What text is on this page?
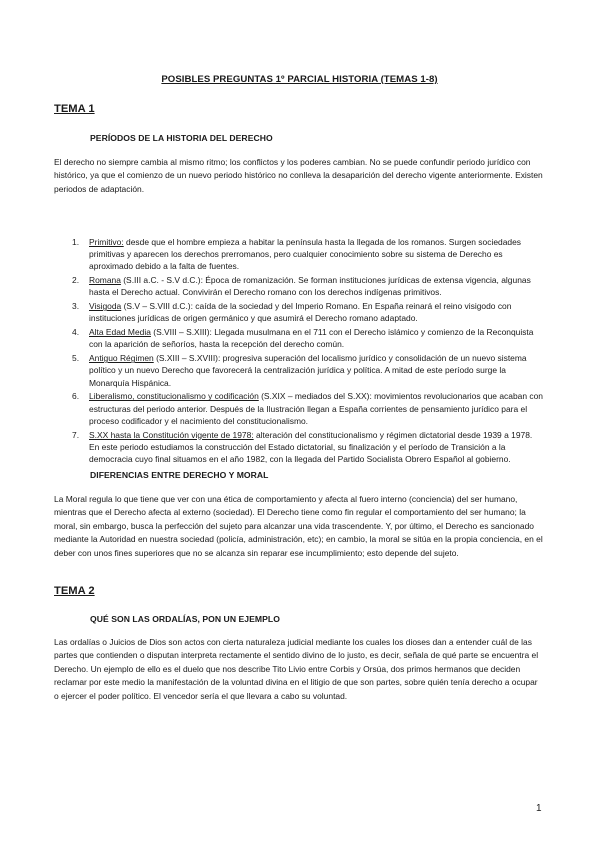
POSIBLES PREGUNTAS 1º PARCIAL HISTORIA (TEMAS 1-8)
TEMA 1
PERÍODOS DE LA HISTORIA DEL DERECHO

El derecho no siempre cambia al mismo ritmo; los conflictos y los poderes cambian. No se puede confundir periodo jurídico con histórico, ya que el comienzo de un nuevo periodo histórico no conlleva la desaparición del derecho vigente anteriormente. Existen periodos de adaptación.

1. Primitivo: desde que el hombre empieza a habitar la península hasta la llegada de los romanos. Surgen sociedades primitivas y aparecen los derechos prerromanos, pero cualquier conocimiento sobre su sistema de Derecho es aproximado debido a la falta de fuentes.
2. Romana (S.III a.C. - S.V d.C.): Época de romanización. Se forman instituciones jurídicas de extensa vigencia, algunas hasta el Derecho actual. Convivirán el Derecho romano con los derechos indígenas primitivos.
3. Visigoda (S.V – S.VIII d.C.): caída de la sociedad y del Imperio Romano. En España reinará el reino visigodo con instituciones jurídicas de origen germánico y que asumirá el Derecho romano adaptado.
4. Alta Edad Media (S.VIII – S.XIII): Llegada musulmana en el 711 con el Derecho islámico y comienzo de la Reconquista con la aparición de señoríos, hasta la recepción del derecho común.
5. Antiguo Régimen (S.XIII – S.XVIII): progresiva superación del localismo jurídico y consolidación de un nuevo sistema político y un nuevo Derecho que favorecerá la centralización jurídica y política. A mitad de este período surge la Monarquía Hispánica.
6. Liberalismo, constitucionalismo y codificación (S.XIX – mediados del S.XX): movimientos revolucionarios que acaban con estructuras del periodo anterior. Después de la Ilustración llegan a España corrientes de pensamiento jurídico para el proceso codificador y el nacimiento del constitucionalismo.
7. S.XX hasta la Constitución vigente de 1978: alteración del constitucionalismo y régimen dictatorial desde 1939 a 1978. En este periodo estudiamos la construcción del Estado dictatorial, su finalización y el período de Transición a la democracia cuyo final situamos en el año 1982, con la llegada del Partido Socialista Obrero Español al gobierno.
DIFERENCIAS ENTRE DERECHO Y MORAL

La Moral regula lo que tiene que ver con una ética de comportamiento y afecta al fuero interno (conciencia) del ser humano, mientras que el Derecho afecta al externo (sociedad). El Derecho tiene como fin regular el comportamiento del ser humano; la moral, sin embargo, busca la perfección del sujeto para alcanzar una vida trascendente. Y, por último, el Derecho es sancionado mediante la Autoridad en nuestra sociedad (policía, administración, etc); en cambio, la moral se sitúa en la propia conciencia, en el deber con unos fines superiores que no se alcanza sin reparar ese incumplimiento; esto depende del sujeto.

TEMA 2
QUÉ SON LAS ORDALÍAS, PON UN EJEMPLO

Las ordalías o Juicios de Dios son actos con cierta naturaleza judicial mediante los cuales los dioses dan a entender cuál de las partes que contienden o disputan interpreta rectamente el sentido divino de lo justo, es decir, señala de qué parte se encuentra el Derecho. Un ejemplo de ello es el duelo que nos describe Tito Livio entre Corbis y Orsúa, dos primos hermanos que deciden reclamar por este medio la manifestación de la voluntad divina en el litigio de que son partes, sobre quién tenía derecho a ocupar o ejercer el poder político. El vencedor sería el que llevara a cabo su voluntad.

1
